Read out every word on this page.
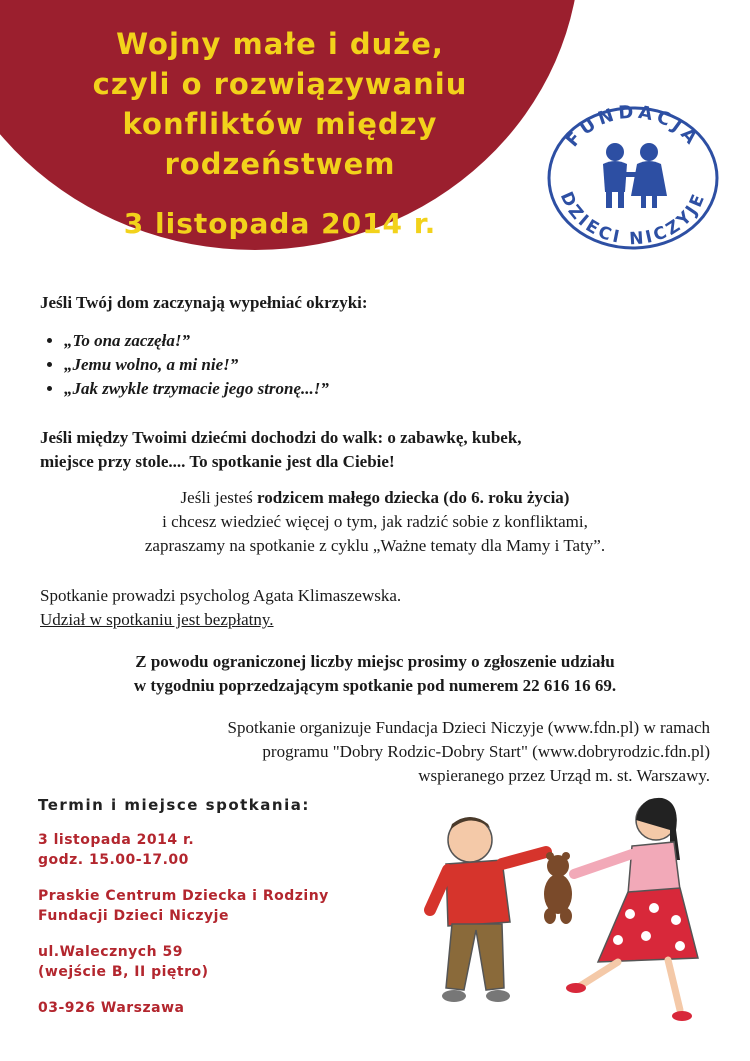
Wojny małe i duże,
czyli o rozwiązywaniu
konfliktów między
rodzeństwem
3 listopada 2014 r.
FUNDACJA
DZIECI NICZYJE

Jeśli Twój dom zaczynają wypełniać okrzyki:

• „To ona zaczęła!”
• „Jemu wolno, a mi nie!”
• „Jak zwykle trzymacie jego stronę...!”

Jeśli między Twoimi dziećmi dochodzi do walk: o zabawkę, kubek,
miejsce przy stole.... To spotkanie jest dla Ciebie!

Jeśli jesteś rodzicem małego dziecka (do 6. roku życia)
i chcesz wiedzieć więcej o tym, jak radzić sobie z konfliktami,
zapraszamy na spotkanie z cyklu „Ważne tematy dla Mamy i Taty”.

Spotkanie prowadzi psycholog Agata Klimaszewska.
Udział w spotkaniu jest bezpłatny.

Z powodu ograniczonej liczby miejsc prosimy o zgłoszenie udziału
w tygodniu poprzedzającym spotkanie pod numerem 22 616 16 69.

Spotkanie organizuje Fundacja Dzieci Niczyje (www.fdn.pl) w ramach
programu "Dobry Rodzic-Dobry Start" (www.dobryrodzic.fdn.pl)
wspieranego przez Urząd m. st. Warszawy.

Termin i miejsce spotkania:

3 listopada 2014 r.

godz. 15.00-17.00

Praskie Centrum Dziecka i Rodziny

Fundacji Dzieci Niczyje

ul.Walecznych 59

(wejście B, II piętro)

03-926 Warszawa
